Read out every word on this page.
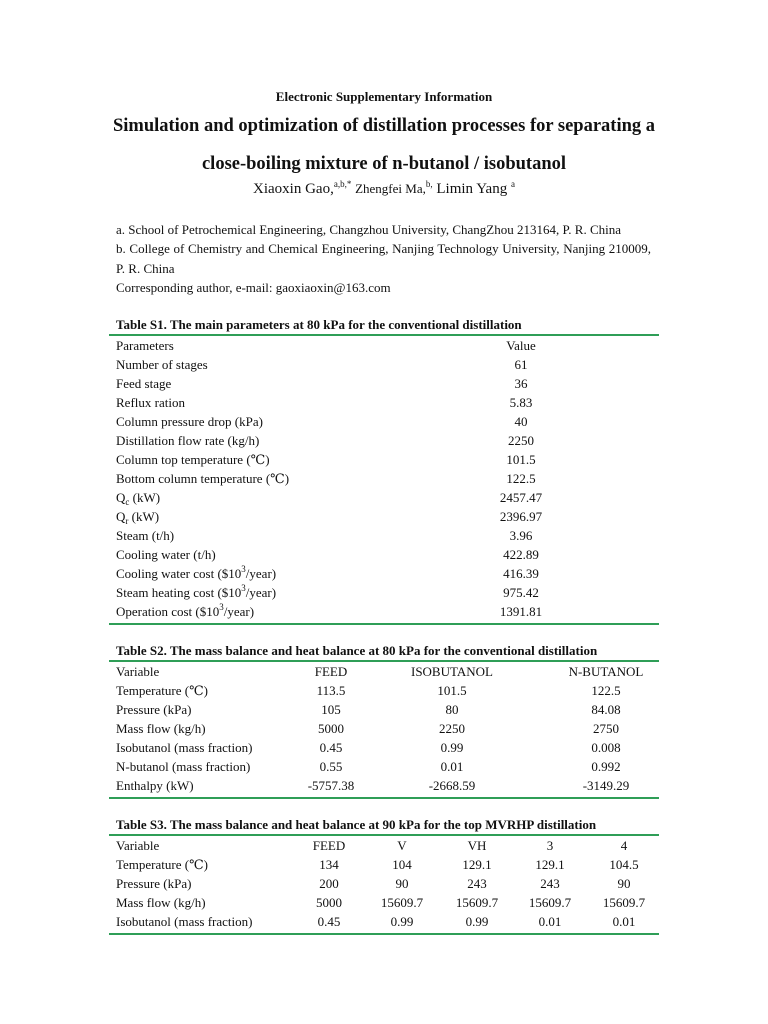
Electronic Supplementary Information
Simulation and optimization of distillation processes for separating a
close-boiling mixture of n-butanol / isobutanol
Xiaoxin Gao,$^{a,b,*}$ Zhengfei Ma,$^{b,}$ Limin Yang $^a$
a. School of Petrochemical Engineering, Changzhou University, ChangZhou 213164, P. R. China
b. College of Chemistry and Chemical Engineering, Nanjing Technology University, Nanjing 210009, P. R. China
Corresponding author, e-mail: gaoxiaoxin@163.com
Table S1. The main parameters at 80 kPa for the conventional distillation
Parameters	Value
Number of stages	61
Feed stage	36
Reflux ration	5.83
Column pressure drop (kPa)	40
Distillation flow rate (kg/h)	2250
Column top temperature (℃)	101.5
Bottom column temperature (℃)	122.5
$Q_c$ (kW)	2457.47
$Q_r$ (kW)	2396.97
Steam (t/h)	3.96
Cooling water (t/h)	422.89
Cooling water cost $(\$10^3/year)$	416.39
Steam heating cost $(\$10^3/year)$	975.42
Operation cost $(\$10^3/year)$	1391.81
Table S2. The mass balance and heat balance at 80 kPa for the conventional distillation
Variable	FEED	ISOBUTANOL	N-BUTANOL
Temperature (℃)	113.5	101.5	122.5
Pressure (kPa)	105	80	84.08
Mass flow (kg/h)	5000	2250	2750
Isobutanol (mass fraction)	0.45	0.99	0.008
N-butanol (mass fraction)	0.55	0.01	0.992
Enthalpy (kW)	-5757.38	-2668.59	-3149.29
Table S3. The mass balance and heat balance at 90 kPa for the top MVRHP distillation
Variable	FEED	V	VH	3	4
Temperature (℃)	134	104	129.1	129.1	104.5
Pressure (kPa)	200	90	243	243	90
Mass flow (kg/h)	5000	15609.7	15609.7	15609.7	15609.7
Isobutanol (mass fraction)	0.45	0.99	0.99	0.01	0.01
